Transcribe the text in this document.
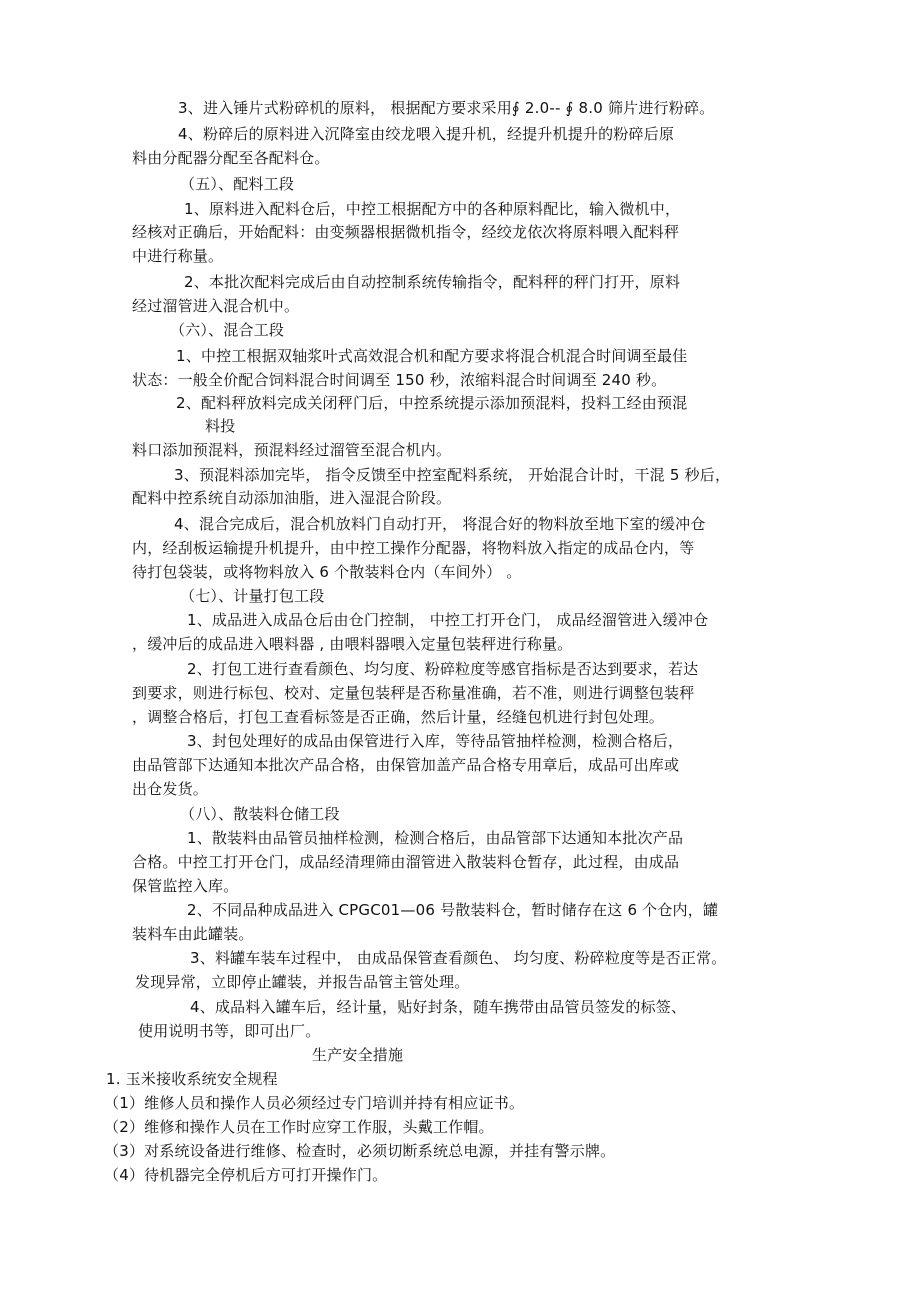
3、进入锤片式粉碎机的原料， 根据配方要求采用∮ 2.0-- ∮ 8.0 筛片进行粉碎。
4、粉碎后的原料进入沉降室由绞龙喂入提升机，经提升机提升的粉碎后原
料由分配器分配至各配料仓。
（五）、配料工段
1、原料进入配料仓后，中控工根据配方中的各种原料配比，输入微机中，
经核对正确后，开始配料：由变频器根据微机指令，经绞龙依次将原料喂入配料秤
中进行称量。
2、本批次配料完成后由自动控制系统传输指令，配料秤的秤门打开，原料
经过溜管进入混合机中。
（六）、混合工段
1、中控工根据双轴浆叶式高效混合机和配方要求将混合机混合时间调至最佳
状态：一般全价配合饲料混合时间调至 150 秒，浓缩料混合时间调至 240 秒。
2、配料秤放料完成关闭秤门后，中控系统提示添加预混料，投料工经由预混
料投
料口添加预混料，预混料经过溜管至混合机内。
3、预混料添加完毕， 指令反馈至中控室配料系统， 开始混合计时，干混 5 秒后，
配料中控系统自动添加油脂，进入湿混合阶段。
4、混合完成后，混合机放料门自动打开， 将混合好的物料放至地下室的缓冲仓
内，经刮板运输提升机提升，由中控工操作分配器，将物料放入指定的成品仓内，等
待打包袋装，或将物料放入 6 个散装料仓内（车间外） 。
（七）、计量打包工段
1、成品进入成品仓后由仓门控制， 中控工打开仓门， 成品经溜管进入缓冲仓
，缓冲后的成品进入喂料器 , 由喂料器喂入定量包装秤进行称量。
2、打包工进行查看颜色、均匀度、粉碎粒度等感官指标是否达到要求，若达
到要求，则进行标包、校对、定量包装秤是否称量准确，若不准，则进行调整包装秤
，调整合格后，打包工查看标签是否正确，然后计量，经缝包机进行封包处理。
3、封包处理好的成品由保管进行入库，等待品管抽样检测，检测合格后，
由品管部下达通知本批次产品合格，由保管加盖产品合格专用章后，成品可出库或
出仓发货。
（八）、散装料仓储工段
1、散装料由品管员抽样检测，检测合格后，由品管部下达通知本批次产品
合格。中控工打开仓门，成品经清理筛由溜管进入散装料仓暂存，此过程，由成品
保管监控入库。
2、不同品种成品进入 CPGC01—06 号散装料仓，暂时储存在这 6 个仓内，罐
装料车由此罐装。
3、料罐车装车过程中， 由成品保管查看颜色、 均匀度、粉碎粒度等是否正常。
发现异常，立即停止罐装，并报告品管主管处理。
4、成品料入罐车后，经计量，贴好封条，随车携带由品管员签发的标签、
使用说明书等，即可出厂。
生产安全措施
1. 玉米接收系统安全规程
（1）维修人员和操作人员必须经过专门培训并持有相应证书。
（2）维修和操作人员在工作时应穿工作服，头戴工作帽。
（3）对系统设备进行维修、检查时，必须切断系统总电源，并挂有警示牌。
（4）待机器完全停机后方可打开操作门。
